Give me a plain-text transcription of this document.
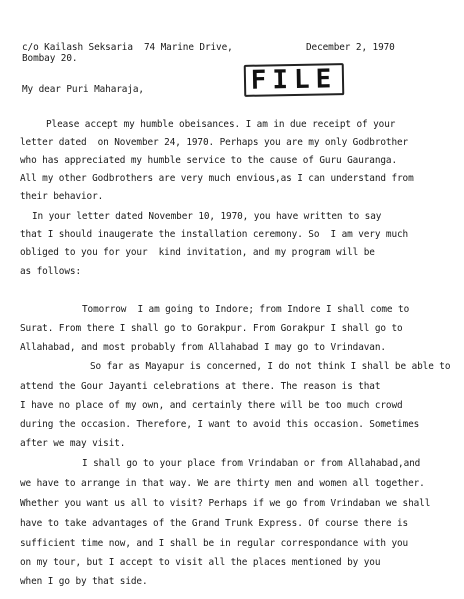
c/o Kailash Seksaria  74 Marine Drive,	December 2, 1970
Bombay 20.
FILE
My dear Puri Maharaja,
Please accept my humble obeisances. I am in due receipt of your
letter dated  on November 24, 1970. Perhaps you are my only Godbrother
who has appreciated my humble service to the cause of Guru Gauranga.
All my other Godbrothers are very much envious,as I can understand from
their behavior.
In your letter dated November 10, 1970, you have written to say
that I should inaugerate the installation ceremony. So  I am very much
obliged to you for your  kind invitation, and my program will be
as follows:
Tomorrow  I am going to Indore; from Indore I shall come to
Surat. From there I shall go to Gorakpur. From Gorakpur I shall go to
Allahabad, and most probably from Allahabad I may go to Vrindavan.
So far as Mayapur is concerned, I do not think I shall be able to
attend the Gour Jayanti celebrations at there. The reason is that
I have no place of my own, and certainly there will be too much crowd
during the occasion. Therefore, I want to avoid this occasion. Sometimes
after we may visit.
I shall go to your place from Vrindaban or from Allahabad,and
we have to arrange in that way. We are thirty men and women all together.
Whether you want us all to visit? Perhaps if we go from Vrindaban we shall
have to take advantages of the Grand Trunk Express. Of course there is
sufficient time now, and I shall be in regular correspondance with you
on my tour, but I accept to visit all the places mentioned by you
when I go by that side.
